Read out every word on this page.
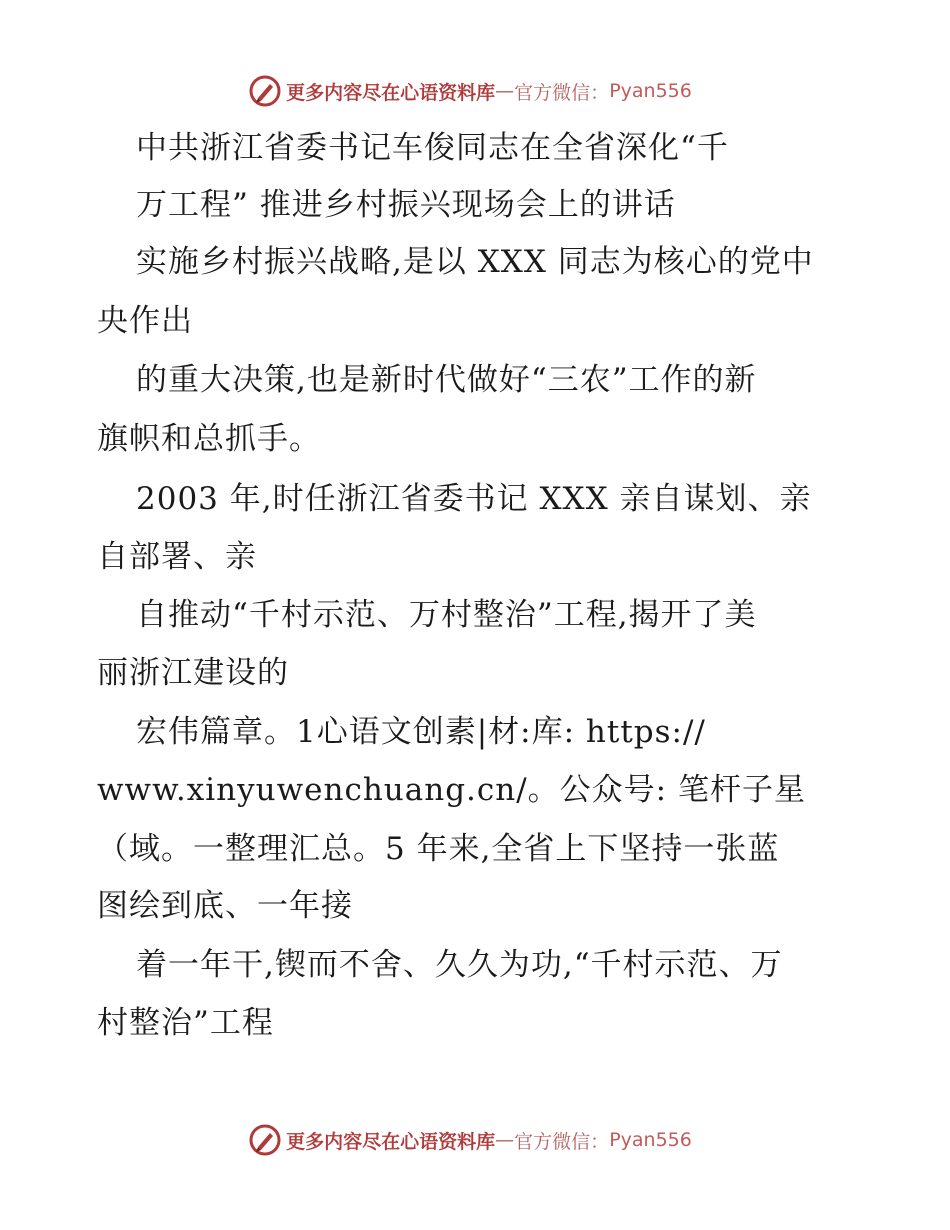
更多内容尽在心语资料库 — 官方微信： Pyan556

中共浙江省委书记车俊同志在全省深化“千

万工程” 推进乡村振兴现场会上的讲话

实施乡村振兴战略,是以 XXX 同志为核心的党中

央作出

的重大决策,也是新时代做好“三农”工作的新

旗帜和总抓手。

2003 年,时任浙江省委书记 XXX 亲自谋划、亲

自部署、亲

自推动“千村示范、万村整治”工程,揭开了美

丽浙江建设的

宏伟篇章。1心语文创素|材:库: https://

www.xinyuwenchuang.cn/。公众号: 笔杆子星

（域。一整理汇总。5 年来,全省上下坚持一张蓝

图绘到底、一年接

着一年干,锲而不舍、久久为功,“千村示范、万

村整治”工程

更多内容尽在心语资料库 — 官方微信： Pyan556
